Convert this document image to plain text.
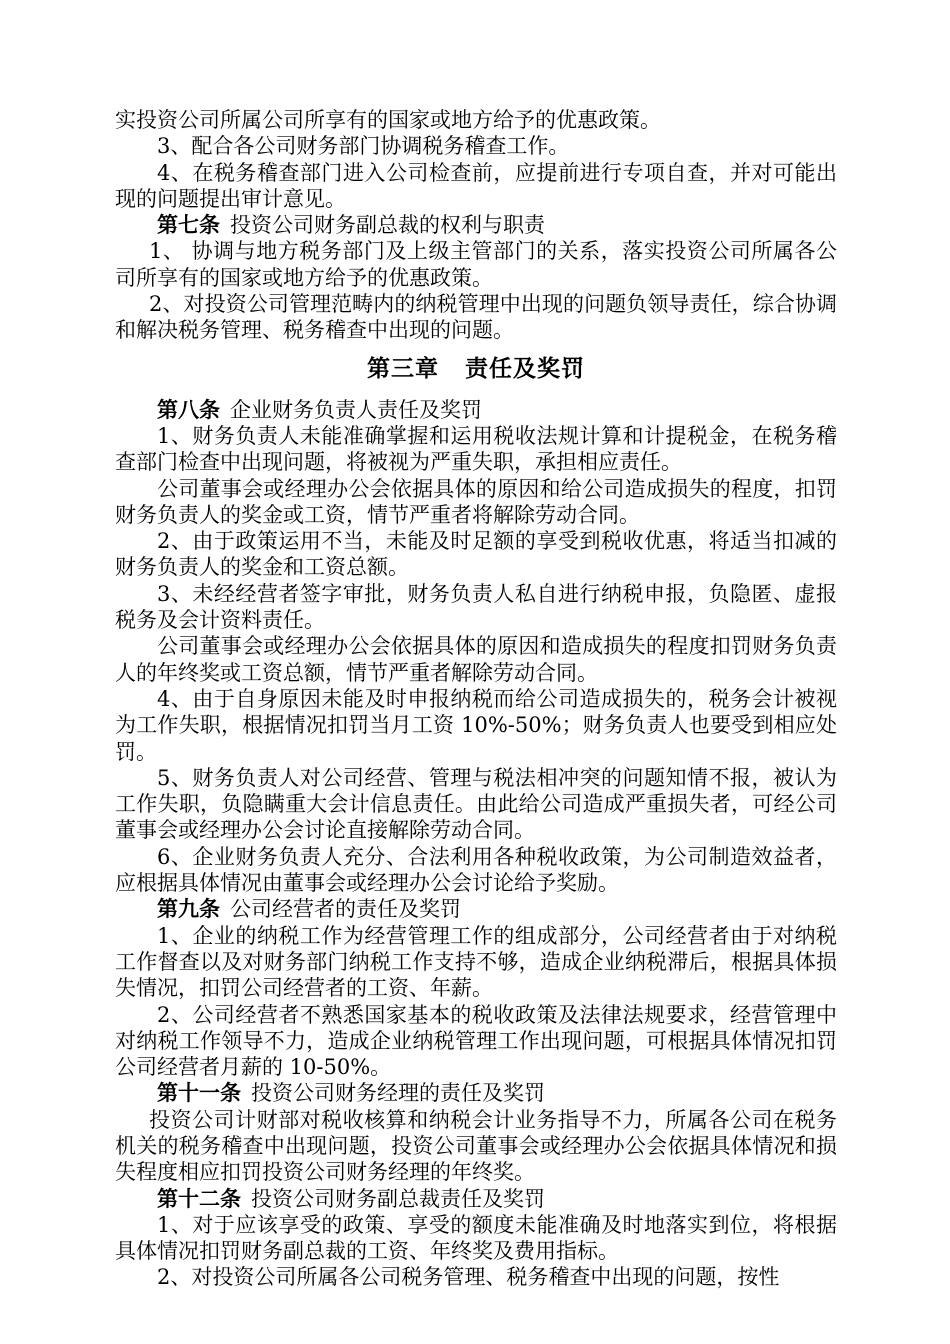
实投资公司所属公司所享有的国家或地方给予的优惠政策。

3、配合各公司财务部门协调税务稽查工作。

4、在税务稽查部门进入公司检查前，应提前进行专项自查，并对可能出现的问题提出审计意见。

第七条 投资公司财务副总裁的权利与职责

1、 协调与地方税务部门及上级主管部门的关系，落实投资公司所属各公司所享有的国家或地方给予的优惠政策。

2、对投资公司管理范畴内的纳税管理中出现的问题负领导责任，综合协调和解决税务管理、税务稽查中出现的问题。

第三章 责任及奖罚

第八条 企业财务负责人责任及奖罚

1、财务负责人未能准确掌握和运用税收法规计算和计提税金，在税务稽查部门检查中出现问题，将被视为严重失职，承担相应责任。

公司董事会或经理办公会依据具体的原因和给公司造成损失的程度，扣罚财务负责人的奖金或工资，情节严重者将解除劳动合同。

2、由于政策运用不当，未能及时足额的享受到税收优惠，将适当扣减的财务负责人的奖金和工资总额。

3、未经经营者签字审批，财务负责人私自进行纳税申报，负隐匿、虚报税务及会计资料责任。

公司董事会或经理办公会依据具体的原因和造成损失的程度扣罚财务负责人的年终奖或工资总额，情节严重者解除劳动合同。

4、由于自身原因未能及时申报纳税而给公司造成损失的，税务会计被视为工作失职，根据情况扣罚当月工资 10%-50%；财务负责人也要受到相应处罚。

5、财务负责人对公司经营、管理与税法相冲突的问题知情不报，被认为工作失职，负隐瞒重大会计信息责任。由此给公司造成严重损失者，可经公司董事会或经理办公会讨论直接解除劳动合同。

6、企业财务负责人充分、合法利用各种税收政策，为公司制造效益者，应根据具体情况由董事会或经理办公会讨论给予奖励。

第九条 公司经营者的责任及奖罚

1、企业的纳税工作为经营管理工作的组成部分，公司经营者由于对纳税工作督查以及对财务部门纳税工作支持不够，造成企业纳税滞后，根据具体损失情况，扣罚公司经营者的工资、年薪。

2、公司经营者不熟悉国家基本的税收政策及法律法规要求，经营管理中对纳税工作领导不力，造成企业纳税管理工作出现问题，可根据具体情况扣罚公司经营者月薪的 10-50%。

第十一条 投资公司财务经理的责任及奖罚

投资公司计财部对税收核算和纳税会计业务指导不力，所属各公司在税务机关的税务稽查中出现问题，投资公司董事会或经理办公会依据具体情况和损失程度相应扣罚投资公司财务经理的年终奖。

第十二条 投资公司财务副总裁责任及奖罚

1、对于应该享受的政策、享受的额度未能准确及时地落实到位，将根据具体情况扣罚财务副总裁的工资、年终奖及费用指标。

2、对投资公司所属各公司税务管理、税务稽查中出现的问题，按性
